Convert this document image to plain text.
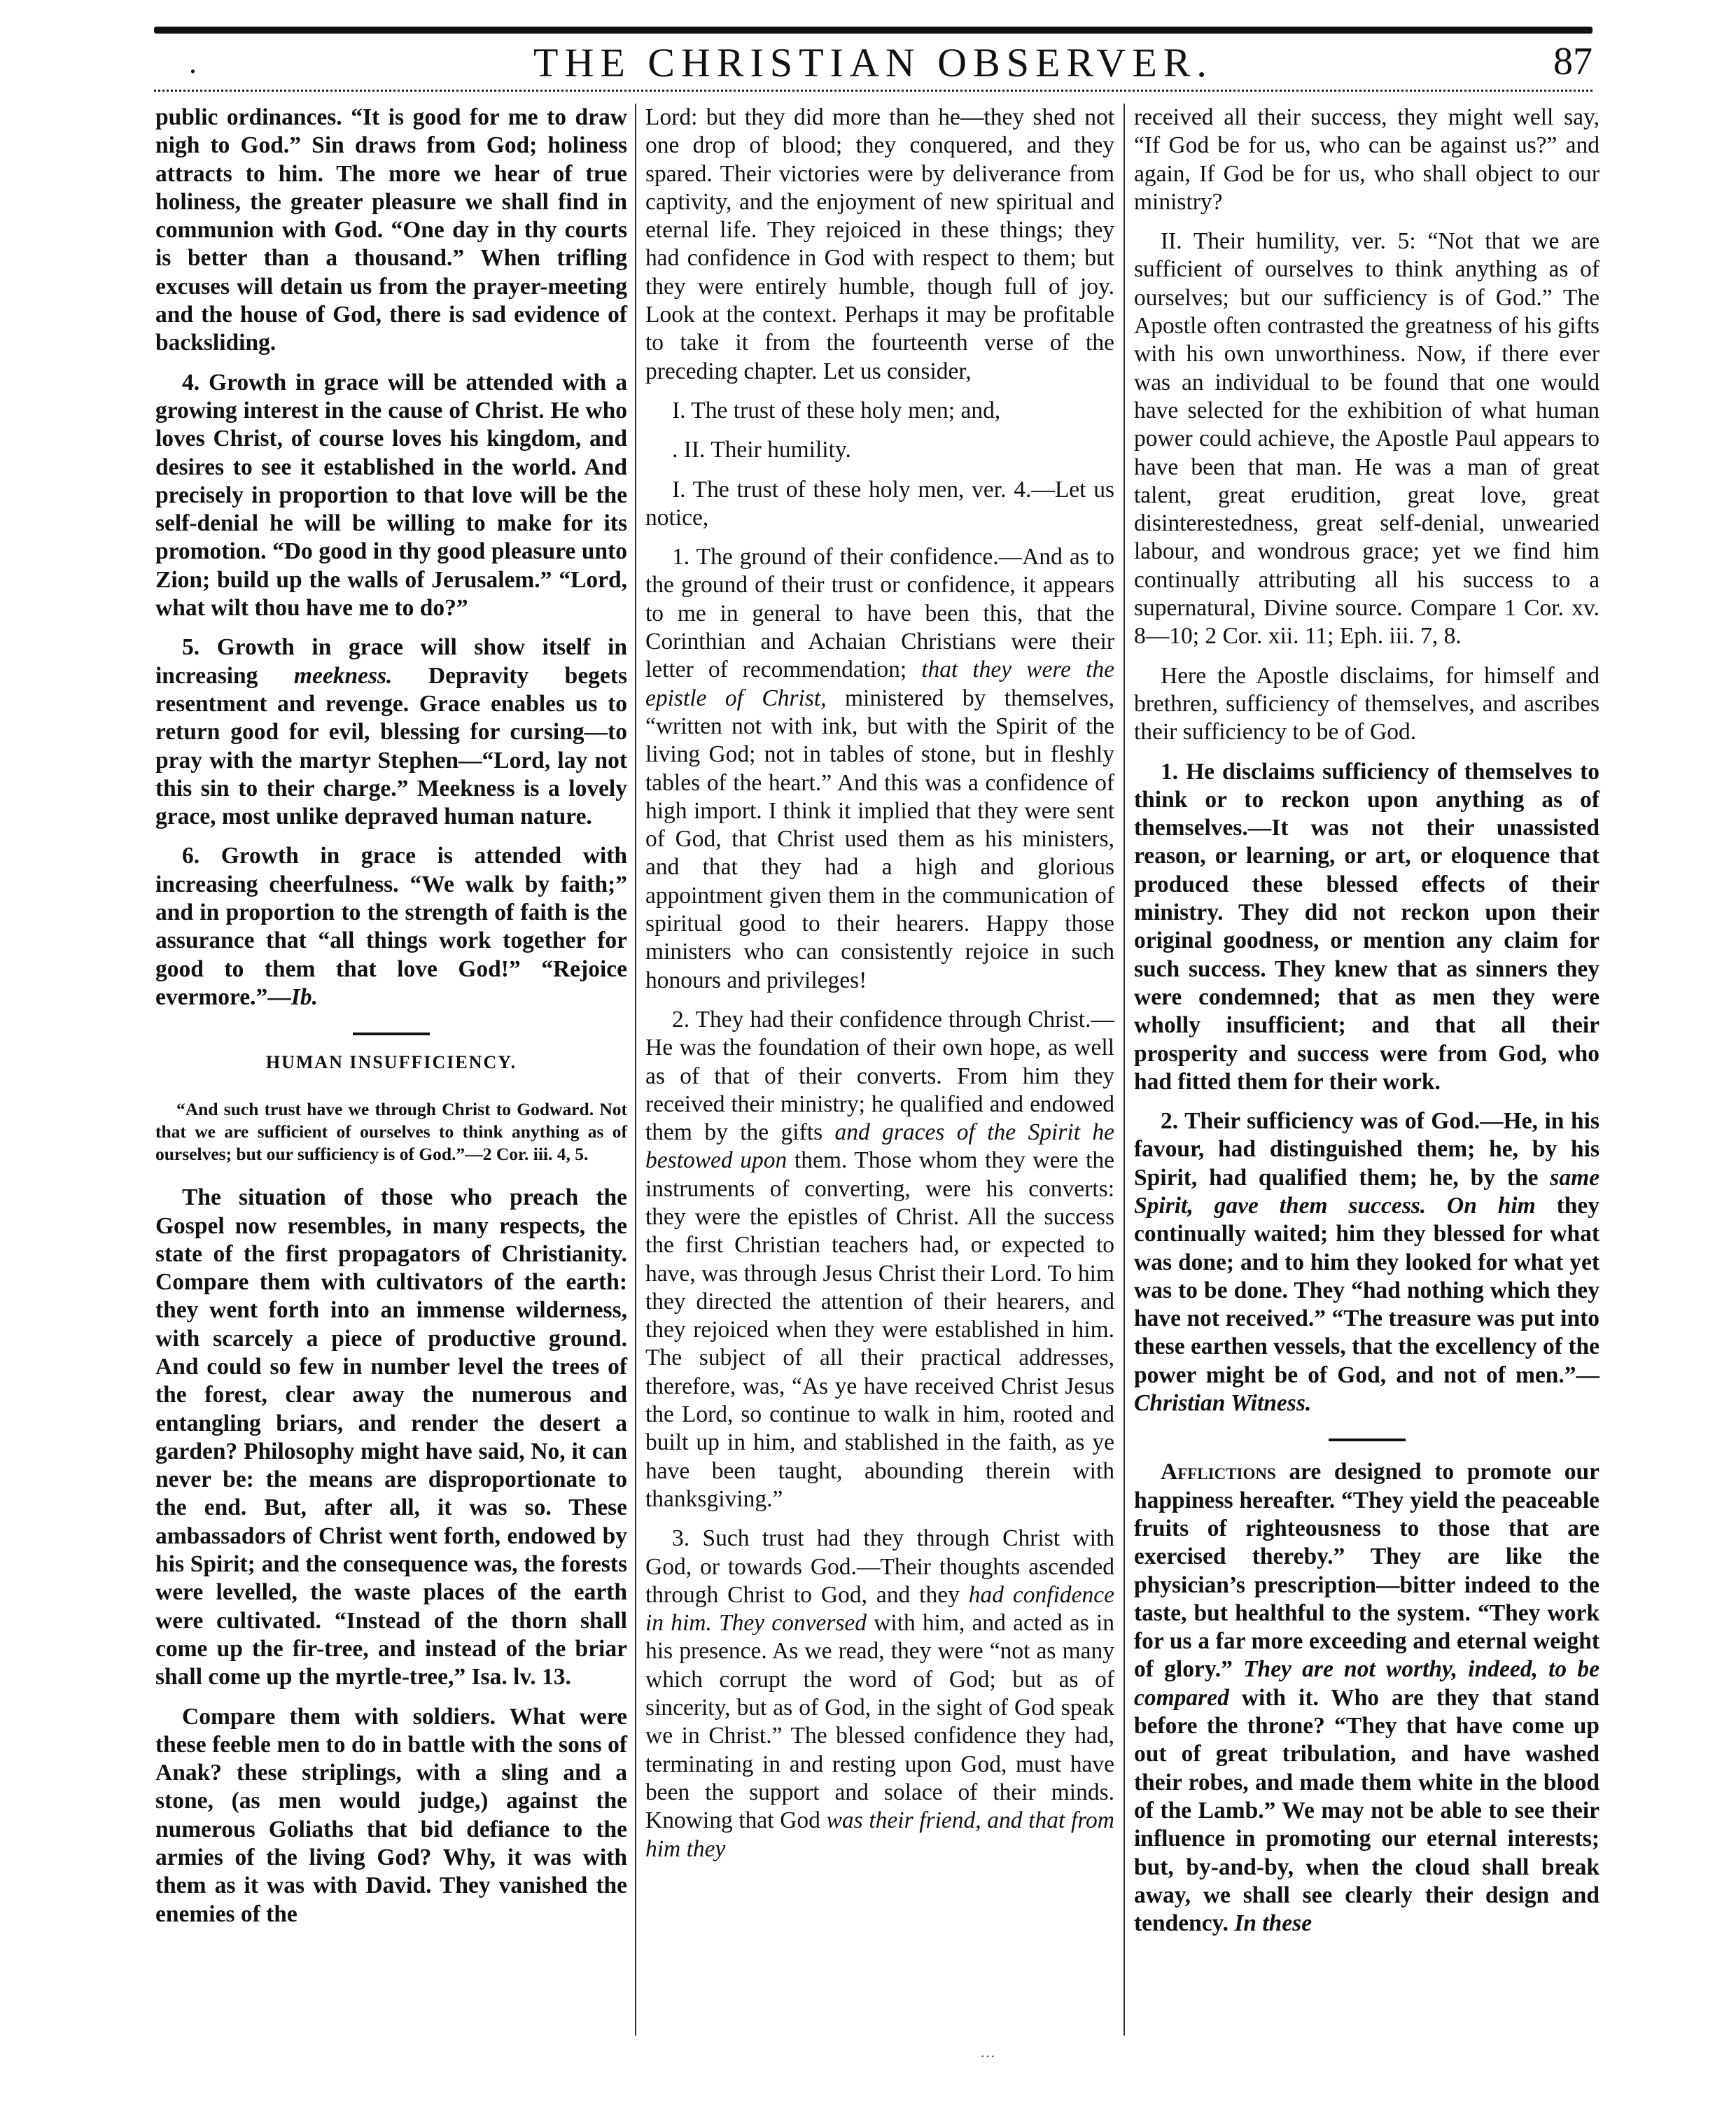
.	THE CHRISTIAN OBSERVER.	87

public ordinances. “It is good for me to draw nigh to God.” Sin draws from God; holiness attracts to him. The more we hear of true holiness, the greater pleasure we shall find in communion with God. “One day in thy courts is better than a thousand.” When trifling excuses will detain us from the prayer-meeting and the house of God, there is sad evidence of backsliding.

4. Growth in grace will be attended with a growing interest in the cause of Christ. He who loves Christ, of course loves his kingdom, and desires to see it established in the world. And precisely in proportion to that love will be the self-denial he will be willing to make for its promotion. “Do good in thy good pleasure unto Zion; build up the walls of Jerusalem.” “Lord, what wilt thou have me to do?”

5. Growth in grace will show itself in increasing meekness. Depravity begets resentment and revenge. Grace enables us to return good for evil, blessing for cursing—to pray with the martyr Stephen—“Lord, lay not this sin to their charge.” Meekness is a lovely grace, most unlike depraved human nature.

6. Growth in grace is attended with increasing cheerfulness. “We walk by faith;” and in proportion to the strength of faith is the assurance that “all things work together for good to them that love God!” “Rejoice evermore.”—Ib.

HUMAN INSUFFICIENCY.
“And such trust have we through Christ to Godward. Not that we are sufficient of ourselves to think anything as of ourselves; but our sufficiency is of God.”—2 Cor. iii. 4, 5.

The situation of those who preach the Gospel now resembles, in many respects, the state of the first propagators of Christianity. Compare them with cultivators of the earth: they went forth into an immense wilderness, with scarcely a piece of productive ground. And could so few in number level the trees of the forest, clear away the numerous and entangling briars, and render the desert a garden? Philosophy might have said, No, it can never be: the means are disproportionate to the end. But, after all, it was so. These ambassadors of Christ went forth, endowed by his Spirit; and the consequence was, the forests were levelled, the waste places of the earth were cultivated. “Instead of the thorn shall come up the fir-tree, and instead of the briar shall come up the myrtle-tree,” Isa. lv. 13.

Compare them with soldiers. What were these feeble men to do in battle with the sons of Anak? these striplings, with a sling and a stone, (as men would judge,) against the numerous Goliaths that bid defiance to the armies of the living God? Why, it was with them as it was with David. They vanished the enemies of the

Lord: but they did more than he—they shed not one drop of blood; they conquered, and they spared. Their victories were by deliverance from captivity, and the enjoyment of new spiritual and eternal life. They rejoiced in these things; they had confidence in God with respect to them; but they were entirely humble, though full of joy. Look at the context. Perhaps it may be profitable to take it from the fourteenth verse of the preceding chapter. Let us consider,

I. The trust of these holy men; and,

. II. Their humility.

I. The trust of these holy men, ver. 4.—Let us notice,

1. The ground of their confidence.—And as to the ground of their trust or confidence, it appears to me in general to have been this, that the Corinthian and Achaian Christians were their letter of recommendation; that they were the epistle of Christ, ministered by themselves, “written not with ink, but with the Spirit of the living God; not in tables of stone, but in fleshly tables of the heart.” And this was a confidence of high import. I think it implied that they were sent of God, that Christ used them as his ministers, and that they had a high and glorious appointment given them in the communication of spiritual good to their hearers. Happy those ministers who can consistently rejoice in such honours and privileges!

2. They had their confidence through Christ.—He was the foundation of their own hope, as well as of that of their converts. From him they received their ministry; he qualified and endowed them by the gifts and graces of the Spirit he bestowed upon them. Those whom they were the instruments of converting, were his converts: they were the epistles of Christ. All the success the first Christian teachers had, or expected to have, was through Jesus Christ their Lord. To him they directed the attention of their hearers, and they rejoiced when they were established in him. The subject of all their practical addresses, therefore, was, “As ye have received Christ Jesus the Lord, so continue to walk in him, rooted and built up in him, and stablished in the faith, as ye have been taught, abounding therein with thanksgiving.”

3. Such trust had they through Christ with God, or towards God.—Their thoughts ascended through Christ to God, and they had confidence in him. They conversed with him, and acted as in his presence. As we read, they were “not as many which corrupt the word of God; but as of sincerity, but as of God, in the sight of God speak we in Christ.” The blessed confidence they had, terminating in and resting upon God, must have been the support and solace of their minds. Knowing that God was their friend, and that from him they

received all their success, they might well say, “If God be for us, who can be against us?” and again, If God be for us, who shall object to our ministry?

II. Their humility, ver. 5: “Not that we are sufficient of ourselves to think anything as of ourselves; but our sufficiency is of God.” The Apostle often contrasted the greatness of his gifts with his own unworthiness. Now, if there ever was an individual to be found that one would have selected for the exhibition of what human power could achieve, the Apostle Paul appears to have been that man. He was a man of great talent, great erudition, great love, great disinterestedness, great self-denial, unwearied labour, and wondrous grace; yet we find him continually attributing all his success to a supernatural, Divine source. Compare 1 Cor. xv. 8—10; 2 Cor. xii. 11; Eph. iii. 7, 8.

Here the Apostle disclaims, for himself and brethren, sufficiency of themselves, and ascribes their sufficiency to be of God.

1. He disclaims sufficiency of themselves to think or to reckon upon anything as of themselves.—It was not their unassisted reason, or learning, or art, or eloquence that produced these blessed effects of their ministry. They did not reckon upon their original goodness, or mention any claim for such success. They knew that as sinners they were condemned; that as men they were wholly insufficient; and that all their prosperity and success were from God, who had fitted them for their work.

2. Their sufficiency was of God.—He, in his favour, had distinguished them; he, by his Spirit, had qualified them; he, by the same Spirit, gave them success. On him they continually waited; him they blessed for what was done; and to him they looked for what yet was to be done. They “had nothing which they have not received.” “The treasure was put into these earthen vessels, that the excellency of the power might be of God, and not of men.”—Christian Witness.

Afflictions are designed to promote our happiness hereafter. “They yield the peaceable fruits of righteousness to those that are exercised thereby.” They are like the physician’s prescription—bitter indeed to the taste, but healthful to the system. “They work for us a far more exceeding and eternal weight of glory.” They are not worthy, indeed, to be compared with it. Who are they that stand before the throne? “They that have come up out of great tribulation, and have washed their robes, and made them white in the blood of the Lamb.” We may not be able to see their influence in promoting our eternal interests; but, by-and-by, when the cloud shall break away, we shall see clearly their design and tendency. In these

···
